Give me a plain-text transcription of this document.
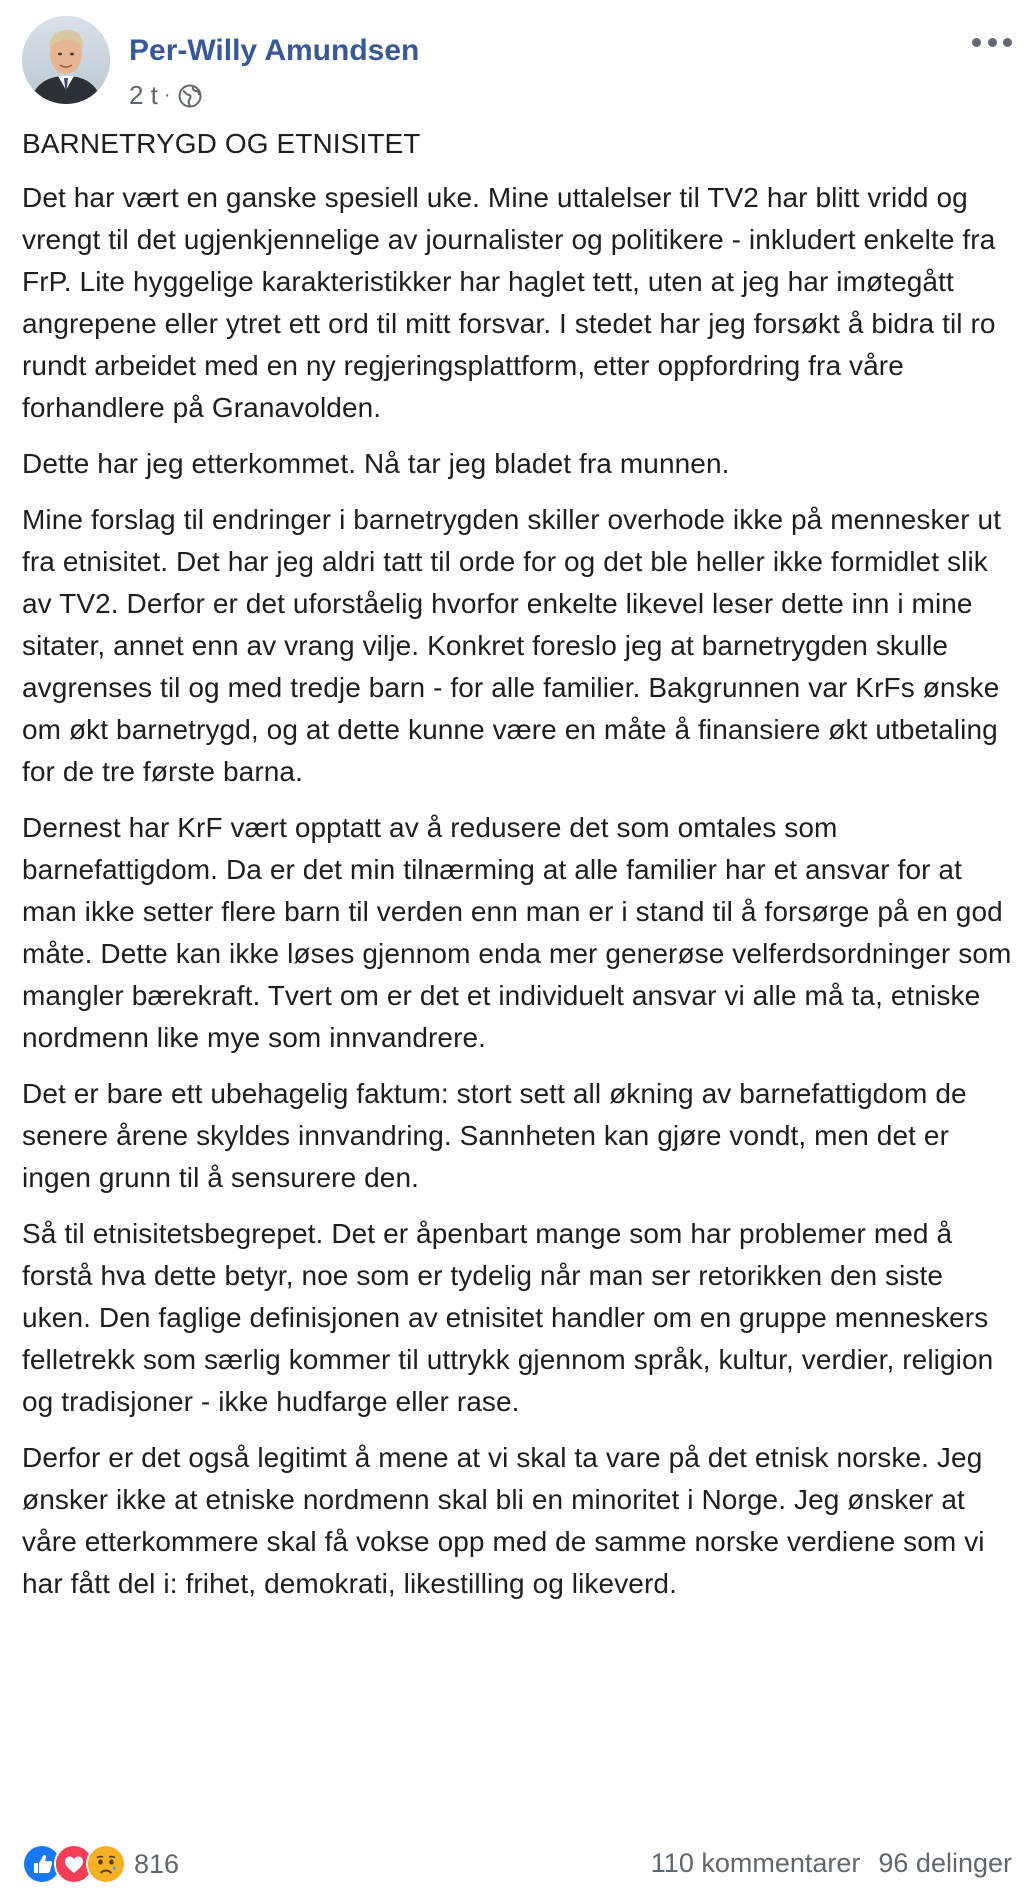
Per-Willy Amundsen
2 t ·

BARNETRYGD OG ETNISITET

Det har vært en ganske spesiell uke. Mine uttalelser til TV2 har blitt vridd og vrengt til det ugjenkjennelige av journalister og politikere - inkludert enkelte fra FrP. Lite hyggelige karakteristikker har haglet tett, uten at jeg har imøtegått angrepene eller ytret ett ord til mitt forsvar. I stedet har jeg forsøkt å bidra til ro rundt arbeidet med en ny regjeringsplattform, etter oppfordring fra våre forhandlere på Granavolden.

Dette har jeg etterkommet. Nå tar jeg bladet fra munnen.

Mine forslag til endringer i barnetrygden skiller overhode ikke på mennesker ut fra etnisitet. Det har jeg aldri tatt til orde for og det ble heller ikke formidlet slik av TV2. Derfor er det uforståelig hvorfor enkelte likevel leser dette inn i mine sitater, annet enn av vrang vilje. Konkret foreslo jeg at barnetrygden skulle avgrenses til og med tredje barn - for alle familier. Bakgrunnen var KrFs ønske om økt barnetrygd, og at dette kunne være en måte å finansiere økt utbetaling for de tre første barna.

Dernest har KrF vært opptatt av å redusere det som omtales som barnefattigdom. Da er det min tilnærming at alle familier har et ansvar for at man ikke setter flere barn til verden enn man er i stand til å forsørge på en god måte. Dette kan ikke løses gjennom enda mer generøse velferdsordninger som mangler bærekraft. Tvert om er det et individuelt ansvar vi alle må ta, etniske nordmenn like mye som innvandrere.

Det er bare ett ubehagelig faktum: stort sett all økning av barnefattigdom de senere årene skyldes innvandring. Sannheten kan gjøre vondt, men det er ingen grunn til å sensurere den.

Så til etnisitetsbegrepet. Det er åpenbart mange som har problemer med å forstå hva dette betyr, noe som er tydelig når man ser retorikken den siste uken. Den faglige definisjonen av etnisitet handler om en gruppe menneskers felletrekk som særlig kommer til uttrykk gjennom språk, kultur, verdier, religion og tradisjoner - ikke hudfarge eller rase.

Derfor er det også legitimt å mene at vi skal ta vare på det etnisk norske. Jeg ønsker ikke at etniske nordmenn skal bli en minoritet i Norge. Jeg ønsker at våre etterkommere skal få vokse opp med de samme norske verdiene som vi har fått del i: frihet, demokrati, likestilling og likeverd.

816	110 kommentarer 96 delinger
